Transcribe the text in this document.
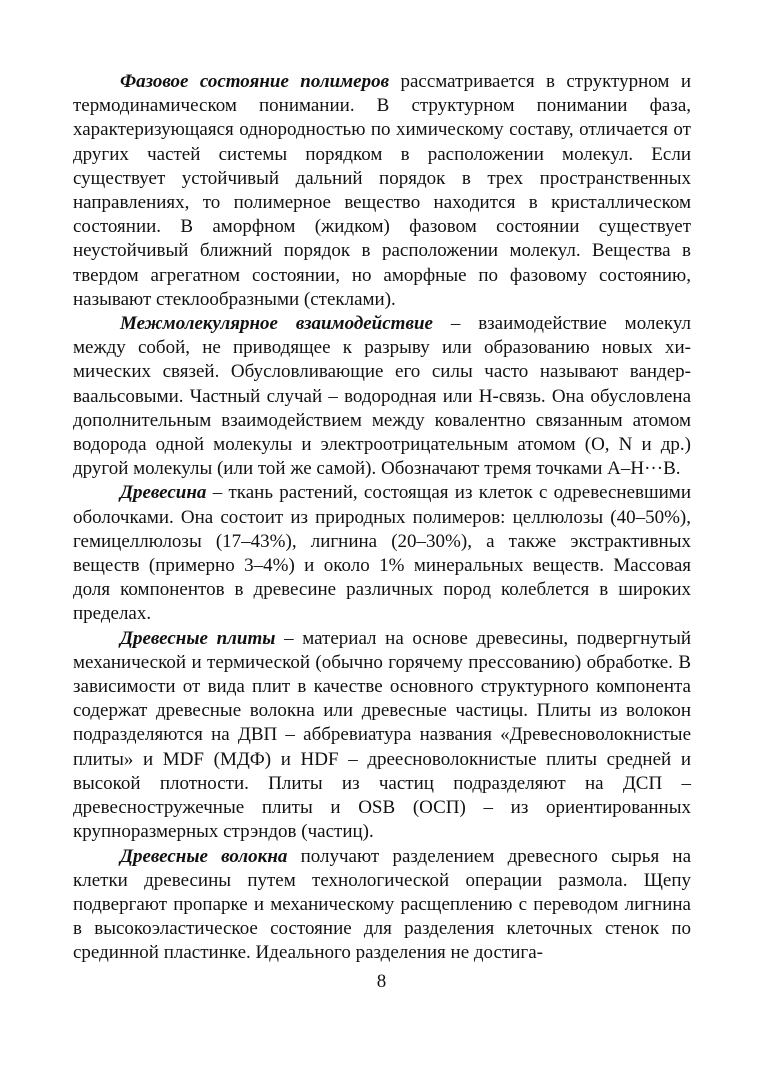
Фазовое состояние полимеров рассматривается в структурном и термодинамическом понимании. В структурном понимании фаза, характеризующаяся однородностью по химическому составу, отличается от других частей системы порядком в расположении молекул. Если существует устойчивый дальний порядок в трех пространственных направлениях, то полимерное вещество находится в кристаллическом состоянии. В аморфном (жидком) фазовом состоянии существует неустойчивый ближний порядок в расположении молекул. Вещества в твердом агрегатном состоянии, но аморфные по фазовому состоянию, называют стеклообразными (стеклами).

Межмолекулярное взаимодействие – взаимодействие молекул между собой, не приводящее к разрыву или образованию новых химических связей. Обусловливающие его силы часто называют вандер-ваальсовыми. Частный случай – водородная или Н-связь. Она обусловлена дополнительным взаимодействием между ковалентно связанным атомом водорода одной молекулы и электроотрицательным атомом (O, N и др.) другой молекулы (или той же самой). Обозначают тремя точками А–Н···В.

Древесина – ткань растений, состоящая из клеток с одревесневшими оболочками. Она состоит из природных полимеров: целлюлозы (40–50%), гемицеллюлозы (17–43%), лигнина (20–30%), а также экстрактивных веществ (примерно 3–4%) и около 1% минеральных веществ. Массовая доля компонентов в древесине различных пород колеблется в широких пределах.

Древесные плиты – материал на основе древесины, подвергнутый механической и термической (обычно горячему прессованию) обработке. В зависимости от вида плит в качестве основного структурного компонента содержат древесные волокна или древесные частицы. Плиты из волокон подразделяются на ДВП – аббревиатура названия «Древесноволокнистые плиты» и MDF (МДФ) и HDF – дреесноволокнистые плиты средней и высокой плотности. Плиты из частиц подразделяют на ДСП – древесностружечные плиты и OSB (ОСП) – из ориентированных крупноразмерных стрэндов (частиц).

Древесные волокна получают разделением древесного сырья на клетки древесины путем технологической операции размола. Щепу подвергают пропарке и механическому расщеплению с переводом лигнина в высокоэластическое состояние для разделения клеточных стенок по срединной пластинке. Идеального разделения не достига-

8
